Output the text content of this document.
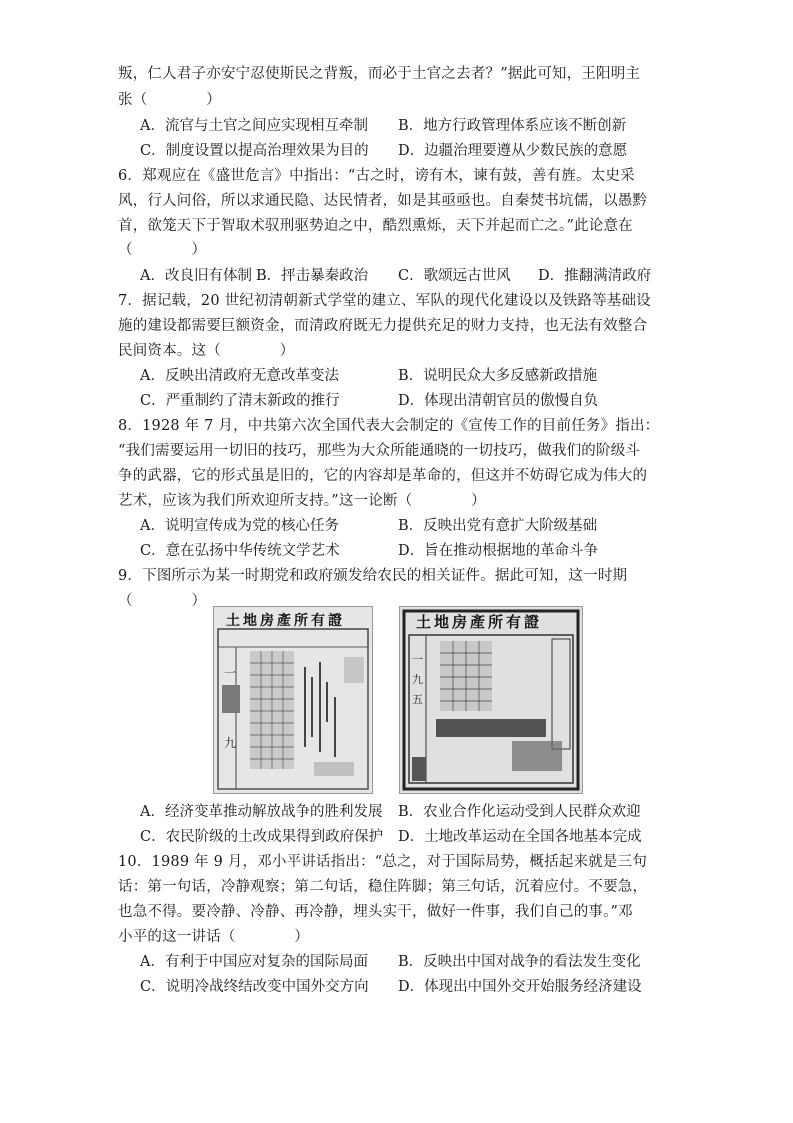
叛，仁人君子亦安宁忍使斯民之背叛，而必于土官之去者？”据此可知，王阳明主
张（　　　　）
A．流官与土官之间应实现相互牵制 B．地方行政管理体系应该不断创新
C．制度设置以提高治理效果为目的 D．边疆治理要遵从少数民族的意愿
6．郑观应在《盛世危言》中指出：“古之时，谤有木，谏有鼓，善有旌。太史采
风，行人问俗，所以求通民隐、达民情者，如是其亟亟也。自秦焚书坑儒，以愚黔
首，欲笼天下于智取术驭刑驱势迫之中，酷烈熏烁，天下并起而亡之。”此论意在
（　　　　）
A．改良旧有体制 B．抨击暴秦政治 C．歌颂远古世风 D．推翻满清政府
7．据记载，20 世纪初清朝新式学堂的建立、军队的现代化建设以及铁路等基础设
施的建设都需要巨额资金，而清政府既无力提供充足的财力支持，也无法有效整合
民间资本。这（　　　　）
A．反映出清政府无意改革变法	B．说明民众大多反感新政措施
C．严重制约了清末新政的推行	D．体现出清朝官员的傲慢自负
8．1928 年 7 月，中共第六次全国代表大会制定的《宣传工作的目前任务》指出：
“我们需要运用一切旧的技巧，那些为大众所能通晓的一切技巧，做我们的阶级斗
争的武器，它的形式虽是旧的，它的内容却是革命的，但这并不妨碍它成为伟大的
艺术，应该为我们所欢迎所支持。”这一论断（　　　　）
A．说明宣传成为党的核心任务	B．反映出党有意扩大阶级基础
C．意在弘扬中华传统文学艺术	D．旨在推动根据地的革命斗争
9．下图所示为某一时期党和政府颁发给农民的相关证件。据此可知，这一时期
（　　　　）
一
九
土地房產所有證
一
九
五
土地房產所有證
A．经济变革推动解放战争的胜利发展 B．农业合作化运动受到人民群众欢迎
C．农民阶级的土改成果得到政府保护 D．土地改革运动在全国各地基本完成
10．1989 年 9 月，邓小平讲话指出：“总之，对于国际局势，概括起来就是三句
话：第一句话，冷静观察；第二句话，稳住阵脚；第三句话，沉着应付。不要急，
也急不得。要冷静、冷静、再冷静，埋头实干，做好一件事，我们自己的事。”邓
小平的这一讲话（　　　　）
A．有利于中国应对复杂的国际局面 B．反映出中国对战争的看法发生变化
C．说明冷战终结改变中国外交方向 D．体现出中国外交开始服务经济建设
